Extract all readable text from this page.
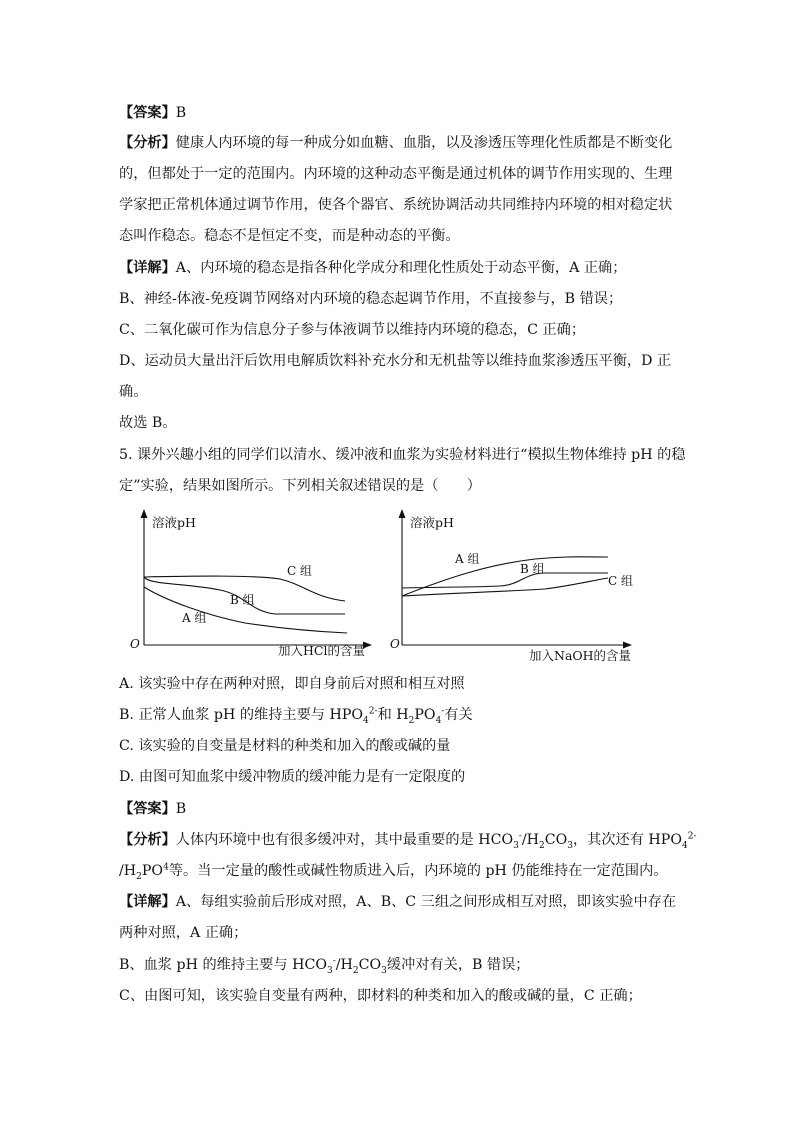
【答案】B
【分析】健康人内环境的每一种成分如血糖、血脂，以及渗透压等理化性质都是不断变化
的，但都处于一定的范围内。内环境的这种动态平衡是通过机体的调节作用实现的、生理
学家把正常机体通过调节作用，使各个器官、系统协调活动共同维持内环境的相对稳定状
态叫作稳态。稳态不是恒定不变，而是种动态的平衡。
【详解】A、内环境的稳态是指各种化学成分和理化性质处于动态平衡，A 正确；
B、神经-体液-免疫调节网络对内环境的稳态起调节作用，不直接参与，B 错误；
C、二氧化碳可作为信息分子参与体液调节以维持内环境的稳态，C 正确；
D、运动员大量出汗后饮用电解质饮料补充水分和无机盐等以维持血浆渗透压平衡，D 正
确。
故选 B。
5. 课外兴趣小组的同学们以清水、缓冲液和血浆为实验材料进行“模拟生物体维持 pH 的稳
定”实验，结果如图所示。下列相关叙述错误的是（　　）
溶液pH
O	加入HCl的含量
C 组
B 组
A 组
溶液pH
O
加入NaOH的含量
A 组
B 组
C 组
A. 该实验中存在两种对照，即自身前后对照和相互对照
B. 正常人血浆 pH 的维持主要与 $HPO_4^{2-}$和 $H_2PO_4^-$有关
C. 该实验的自变量是材料的种类和加入的酸或碱的量
D. 由图可知血浆中缓冲物质的缓冲能力是有一定限度的
【答案】B
【分析】人体内环境中也有很多缓冲对，其中最重要的是 $HCO_3^-/H_2CO_3$，其次还有 $HPO_4^{2-}$
$/H_2PO^4$等。当一定量的酸性或碱性物质进入后，内环境的 pH 仍能维持在一定范围内。
【详解】A、每组实验前后形成对照，A、B、C 三组之间形成相互对照，即该实验中存在
两种对照，A 正确；
B、血浆 pH 的维持主要与 $HCO_3^-/H_2CO_3$缓冲对有关，B 错误；
C、由图可知，该实验自变量有两种，即材料的种类和加入的酸或碱的量，C 正确；
